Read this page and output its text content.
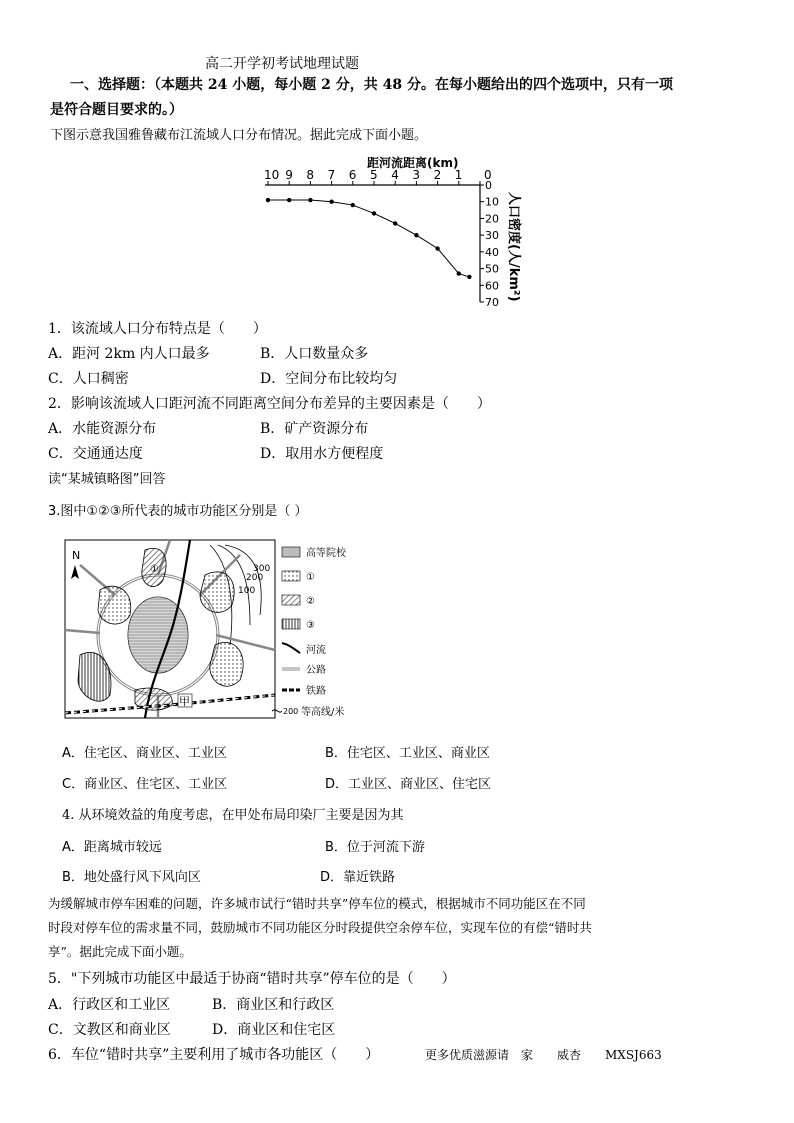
高二开学初考试地理试题
一、选择题：（本题共 24 小题，每小题 2 分，共 48 分。在每小题给出的四个选项中，只有一项
是符合题目要求的。）
下图示意我国雅鲁藏布江流域人口分布情况。据此完成下面小题。
距河流距离(km)
10 9 8 7 6 5 4 3 2 1 0
0
10
20
30
40
50
60
70
人口密度(人/km²)
1．该流域人口分布特点是（　　）
A．距河 2km 内人口最多	B．人口数量众多
C．人口稠密	D．空间分布比较均匀
2．影响该流域人口距河流不同距离空间分布差异的主要因素是（　　）
A．水能资源分布	B．矿产资源分布
C．交通通达度	D．取用水方便程度
读“某城镇略图”回答
3.图中①②③所代表的城市功能区分别是（ ）
N
300
200
100
①
甲
高等院校
①
②
③
河流
公路
铁路
200 等高线/米
A．住宅区、商业区、工业区	B．住宅区、工业区、商业区
C．商业区、住宅区、工业区	D．工业区、商业区、住宅区
4. 从环境效益的角度考虑，在甲处布局印染厂主要是因为其
A．距离城市较远	B．位于河流下游
B．地处盛行风下风向区	D．靠近铁路
为缓解城市停车困难的问题，许多城市试行“错时共享”停车位的模式，根据城市不同功能区在不同
时段对停车位的需求量不同，鼓励城市不同功能区分时段提供空余停车位，实现车位的有偿“错时共
享”。据此完成下面小题。
5．"下列城市功能区中最适于协商“错时共享”停车位的是（　　）
A．行政区和工业区	B．商业区和行政区
C．文教区和商业区	D．商业区和住宅区
6．车位“错时共享”主要利用了城市各功能区（　　）	更多优质滋源请　家　　威杏　　MXSJ663
